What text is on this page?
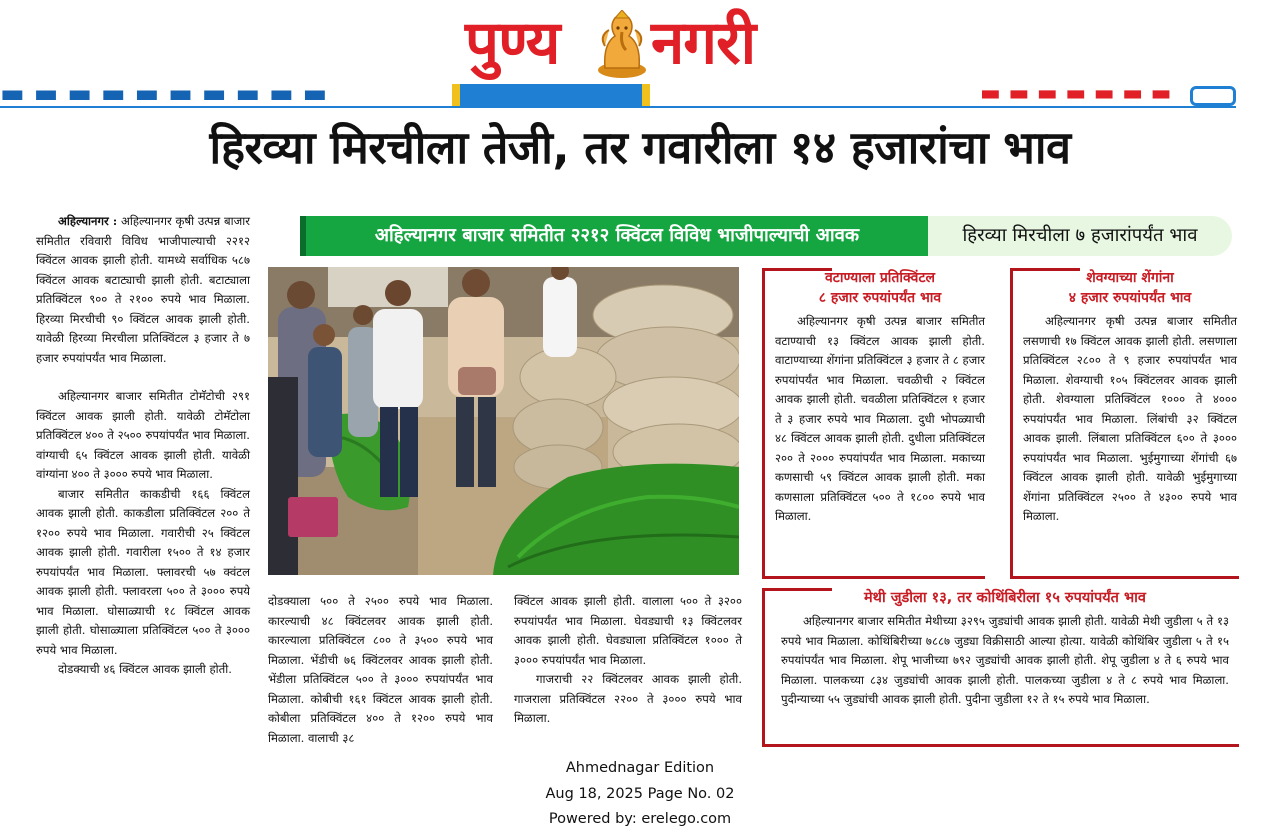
पुण्य नगरी
▬ ▬ ▬ ▬ ▬ ▬ ▬ ▬ ▬ ▬	▬ ▬ ▬ ▬ ▬ ▬ ▬
हिरव्या मिरचीला तेजी, तर गवारीला १४ हजारांचा भाव

अहिल्यानगर : अहिल्यानगर कृषी उत्पन्न बाजार समितीत रविवारी विविध भाजीपाल्याची २२१२ क्विंटल आवक झाली होती. यामध्ये सर्वाधिक ५८७ क्विंटल आवक बटाट्याची झाली होती. बटाट्याला प्रतिक्विंटल ९०० ते २१०० रुपये भाव मिळाला. हिरव्या मिरचीची ९० क्विंटल आवक झाली होती. यावेळी हिरव्या मिरचीला प्रतिक्विंटल ३ हजार ते ७ हजार रुपयांपर्यंत भाव मिळाला.

अहिल्यानगर बाजार समितीत टोमॅटोची २९१ क्विंटल आवक झाली होती. यावेळी टोमॅटोला प्रतिक्विंटल ४०० ते २५०० रुपयांपर्यंत भाव मिळाला. वांग्याची ६५ क्विंटल आवक झाली होती. यावेळी वांग्यांना ४०० ते ३००० रुपये भाव मिळाला.

बाजार समितीत काकडीची १६६ क्विंटल आवक झाली होती. काकडीला प्रतिक्विंटल २०० ते १२०० रुपये भाव मिळाला. गवारीची २५ क्विंटल आवक झाली होती. गवारीला १५०० ते १४ हजार रुपयांपर्यंत भाव मिळाला. फ्लावरची ५७ क्वंटल आवक झाली होती. फ्लावरला ५०० ते ३००० रुपये भाव मिळाला. घोसाळ्याची १८ क्विंटल आवक झाली होती. घोसाळ्याला प्रतिक्विंटल ५०० ते ३००० रुपये भाव मिळाला.

दोडक्याची ४६ क्विंटल आवक झाली होती.

अहिल्यानगर बाजार समितीत २२१२ क्विंटल विविध भाजीपाल्याची आवक	हिरव्या मिरचीला ७ हजारांपर्यंत भाव

दोडक्याला ५०० ते २५०० रुपये भाव मिळाला. कारल्याची ४८ क्विंटलवर आवक झाली होती. कारल्याला प्रतिक्विंटल ८०० ते ३५०० रुपये भाव मिळाला. भेंडीची ७६ क्विंटलवर आवक झाली होती. भेंडीला प्रतिक्विंटल ५०० ते ३००० रुपयांपर्यंत भाव मिळाला. कोबीची १६१ क्विंटल आवक झाली होती. कोबीला प्रतिक्विंटल ४०० ते १२०० रुपये भाव मिळाला. वालाची ३८

क्विंटल आवक झाली होती. वालाला ५०० ते ३२०० रुपयांपर्यंत भाव मिळाला. घेवड्याची १३ क्विंटलवर आवक झाली होती. घेवड्याला प्रतिक्विंटल १००० ते ३००० रुपयांपर्यंत भाव मिळाला.

गाजराची २२ क्विंटलवर आवक झाली होती. गाजराला प्रतिक्विंटल २२०० ते ३००० रुपये भाव मिळाला.

वटाण्याला प्रतिक्विंटल
८ हजार रुपयांपर्यंत भाव

अहिल्यानगर कृषी उत्पन्न बाजार समितीत वटाण्याची १३ क्विंटल आवक झाली होती. वाटाण्याच्या शेंगांना प्रतिक्विंटल ३ हजार ते ८ हजार रुपयांपर्यंत भाव मिळाला. चवळीची २ क्विंटल आवक झाली होती. चवळीला प्रतिक्विंटल १ हजार ते ३ हजार रुपये भाव मिळाला. दुधी भोपळ्याची ४८ क्विंटल आवक झाली होती. दुधीला प्रतिक्विंटल २०० ते २००० रुपयांपर्यंत भाव मिळाला. मकाच्या कणसाची ५९ क्विंटल आवक झाली होती. मका कणसाला प्रतिक्विंटल ५०० ते १८०० रुपये भाव मिळाला.

शेवग्याच्या शेंगांना
४ हजार रुपयांपर्यंत भाव

अहिल्यानगर कृषी उत्पन्न बाजार समितीत लसणाची १७ क्विंटल आवक झाली होती. लसणाला प्रतिक्विंटल २८०० ते ९ हजार रुपयांपर्यंत भाव मिळाला. शेवग्याची १०५ क्विंटलवर आवक झाली होती. शेवग्याला प्रतिक्विंटल १००० ते ४००० रुपयांपर्यंत भाव मिळाला. लिंबांची ३२ क्विंटल आवक झाली. लिंबाला प्रतिक्विंटल ६०० ते ३००० रुपयांपर्यंत भाव मिळाला. भुईमुगाच्या शेंगांची ६७ क्विंटल आवक झाली होती. यावेळी भुईमुगाच्या शेंगांना प्रतिक्विंटल २५०० ते ४३०० रुपये भाव मिळाला.

मेथी जुडीला १३, तर कोथिंबिरीला १५ रुपयांपर्यंत भाव

अहिल्यानगर बाजार समितीत मेथीच्या ३२९५ जुड्यांची आवक झाली होती. यावेळी मेथी जुडीला ५ ते १३ रुपये भाव मिळाला. कोथिंबिरीच्या ७८८७ जुड्या विक्रीसाठी आल्या होत्या. यावेळी कोथिंबिर जुडीला ५ ते १५ रुपयांपर्यंत भाव मिळाला. शेपू भाजीच्या ७९२ जुड्यांची आवक झाली होती. शेपू जुडीला ४ ते ६ रुपये भाव मिळाला. पालकच्या ८३४ जुड्यांची आवक झाली होती. पालकच्या जुडीला ४ ते ८ रुपये भाव मिळाला. पुदीन्याच्या ५५ जुड्यांची आवक झाली होती. पुदीना जुडीला १२ ते १५ रुपये भाव मिळाला.

Ahmednagar Edition
Aug 18, 2025 Page No. 02
Powered by: erelego.com
